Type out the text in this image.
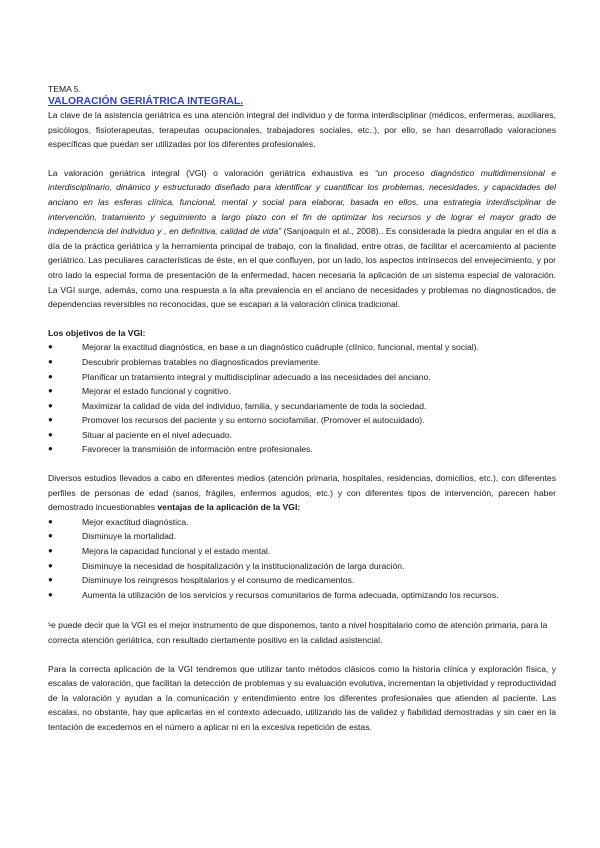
TEMA 5.

VALORACIÓN GERIÁTRICA INTEGRAL.

La clave de la asistencia geriátrica es una atención integral del individuo y de forma interdisciplinar (médicos, enfermeras, auxiliares, psicólogos, fisioterapeutas, terapeutas ocupacionales, trabajadores sociales, etc..), por ello, se han desarrollado valoraciones específicas que puedan ser utilizadas por los diferentes profesionales.

La valoración geriátrica integral (VGI) o valoración geriátrica exhaustiva es “un proceso diagnóstico multidimensional e interdisciplinario, dinámico y estructurado diseñado para identificar y cuantificar los problemas, necesidades, y capacidades del anciano en las esferas clínica, funcional, mental y social para elaborar, basada en ellos, una estrategia interdisciplinar de intervención, tratamiento y seguimiento a largo plazo con el fin de optimizar los recursos y de lograr el mayor grado de independencia del individuo y , en definitiva, calidad de vida” (Sanjoaquín et al., 2008).. Es considerada la piedra angular en el día a día de la práctica geriátrica y la herramienta principal de trabajo, con la finalidad, entre otras, de facilitar el acercamiento al paciente geriátrico. Las peculiares características de éste, en el que confluyen, por un lado, los aspectos intrínsecos del envejecimiento, y por otro lado la especial forma de presentación de la enfermedad, hacen necesaria la aplicación de un sistema especial de valoración. La VGI surge, además, como una respuesta a la alta prevalencia en el anciano de necesidades y problemas no diagnosticados, de dependencias reversibles no reconocidas, que se escapan a la valoración clínica tradicional.

Los objetivos de la VGI:

●	Mejorar la exactitud diagnóstica, en base a un diagnóstico cuádruple (clínico, funcional, mental y social).
●	Descubrir problemas tratables no diagnosticados previamente.
●	Planificar un tratamiento integral y multidisciplinar adecuado a las necesidades del anciano.
●	Mejorar el estado funcional y cognitivo.
●	Maximizar la calidad de vida del individuo, familia, y secundariamente de toda la sociedad.
●	Promover los recursos del paciente y su entorno sociofamiliar. (Promover el autocuidado).
●	Situar al paciente en el nivel adecuado.
●	Favorecer la transmisión de información entre profesionales.

Diversos estudios llevados a cabo en diferentes medios (atención primaria, hospitales, residencias, domicilios, etc.), con diferentes perfiles de personas de edad (sanos, frágiles, enfermos agudos, etc.) y con diferentes tipos de intervención, parecen haber demostrado incuestionables ventajas de la aplicación de la VGI:

●	Mejor exactitud diagnóstica.
●	Disminuye la mortalidad.
●	Mejora la capacidad funcional y el estado mental.
●	Disminuye la necesidad de hospitalización y la institucionalización de larga duración.
●	Disminuye los reingresos hospitalarios y el consumo de medicamentos.
●	Aumenta la utilización de los servicios y recursos comunitarios de forma adecuada, optimizando los recursos.

$^s$e puede decir que la VGI es el mejor instrumento de que disponemos, tanto a nivel hospitalario como de atención primaria, para la correcta atención geriátrica, con resultado ciertamente positivo en la calidad asistencial.

Para la correcta aplicación de la VGI tendremos que utilizar tanto métodos clásicos como la historia clínica y exploración física, y escalas de valoración, que facilitan la detección de problemas y su evaluación evolutiva, incrementan la objetividad y reproductividad de la valoración y ayudan a la comunicación y entendimiento entre los diferentes profesionales que atienden al paciente. Las escalas, no obstante, hay que aplicarlas en el contexto adecuado, utilizando las de validez y fiabilidad demostradas y sin caer en la tentación de excedernos en el número a aplicar ni en la excesiva repetición de estas.
